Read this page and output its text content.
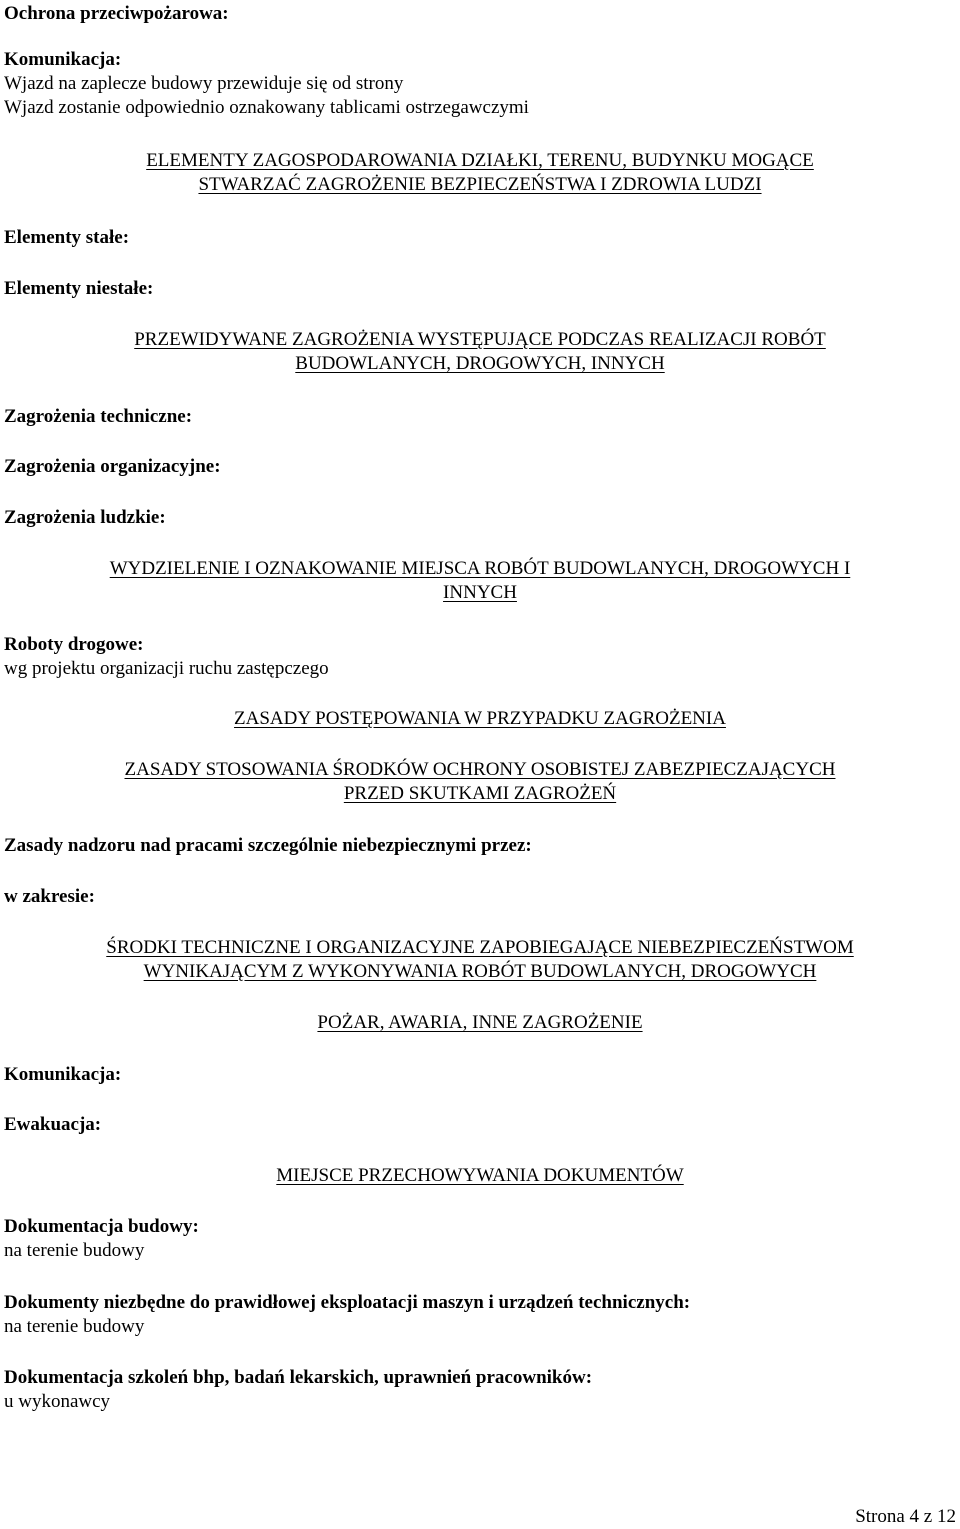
Ochrona przeciwpożarowa:
Komunikacja:
Wjazd na zaplecze budowy przewiduje się od strony
Wjazd zostanie odpowiednio oznakowany tablicami ostrzegawczymi
ELEMENTY ZAGOSPODAROWANIA DZIAŁKI, TERENU, BUDYNKU MOGĄCE
STWARZAĆ ZAGROŻENIE BEZPIECZEŃSTWA I ZDROWIA LUDZI
Elementy stałe:
Elementy niestałe:
PRZEWIDYWANE ZAGROŻENIA WYSTĘPUJĄCE PODCZAS REALIZACJI ROBÓT
BUDOWLANYCH, DROGOWYCH, INNYCH
Zagrożenia techniczne:
Zagrożenia organizacyjne:
Zagrożenia ludzkie:
WYDZIELENIE I OZNAKOWANIE MIEJSCA ROBÓT BUDOWLANYCH, DROGOWYCH I
INNYCH
Roboty drogowe:
wg projektu organizacji ruchu zastępczego
ZASADY POSTĘPOWANIA W PRZYPADKU ZAGROŻENIA
ZASADY STOSOWANIA ŚRODKÓW OCHRONY OSOBISTEJ ZABEZPIECZAJĄCYCH
PRZED SKUTKAMI ZAGROŻEŃ
Zasady nadzoru nad pracami szczególnie niebezpiecznymi przez:
w zakresie:
ŚRODKI TECHNICZNE I ORGANIZACYJNE ZAPOBIEGAJĄCE NIEBEZPIECZEŃSTWOM
WYNIKAJĄCYM Z WYKONYWANIA ROBÓT BUDOWLANYCH, DROGOWYCH
POŻAR, AWARIA, INNE ZAGROŻENIE
Komunikacja:
Ewakuacja:
MIEJSCE PRZECHOWYWANIA DOKUMENTÓW
Dokumentacja budowy:
na terenie budowy
Dokumenty niezbędne do prawidłowej eksploatacji maszyn i urządzeń technicznych:
na terenie budowy
Dokumentacja szkoleń bhp, badań lekarskich, uprawnień pracowników:
u wykonawcy
Strona 4 z 12
